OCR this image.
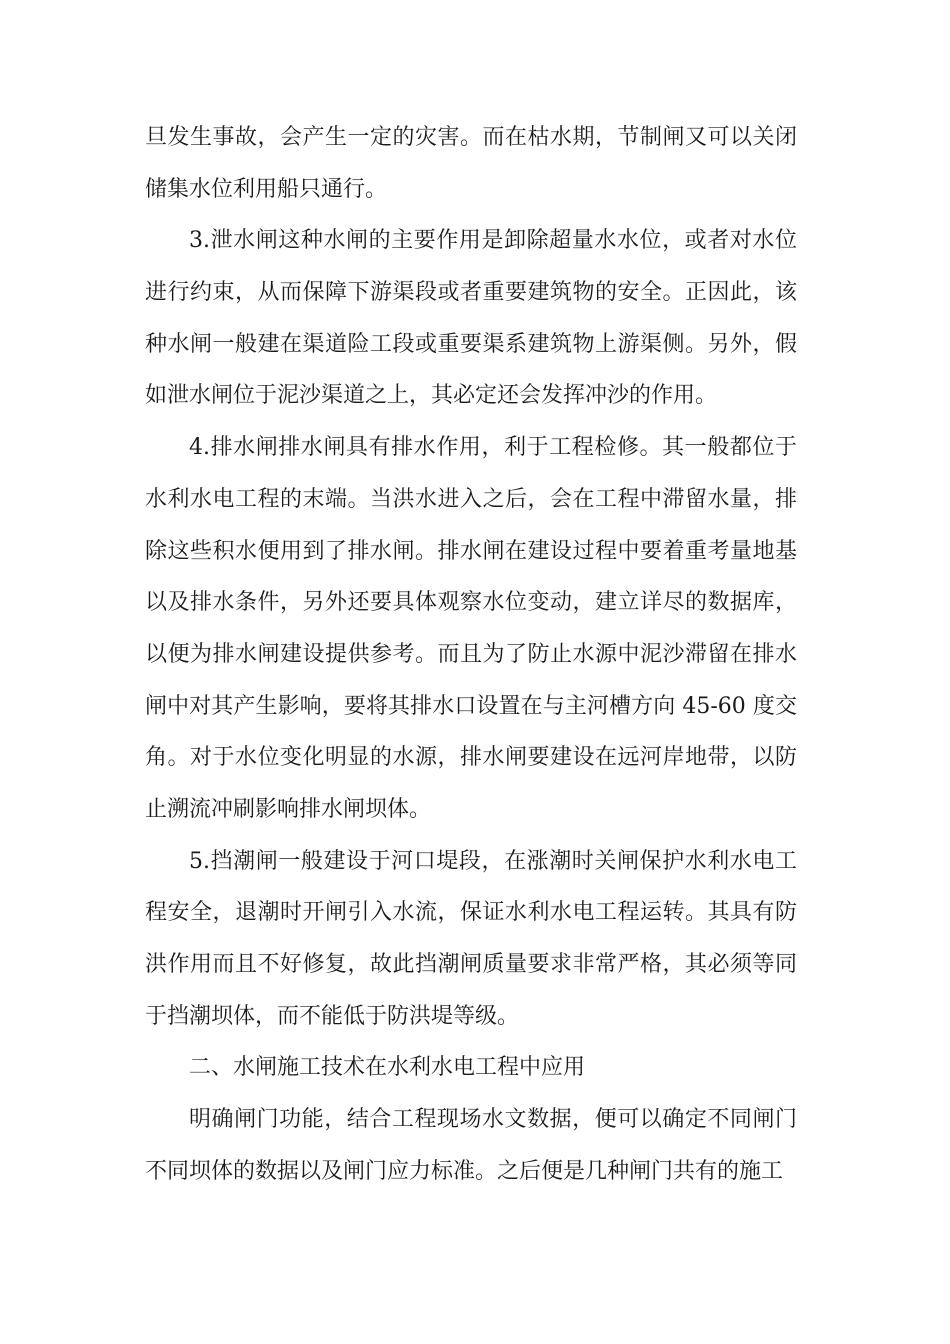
旦发生事故，会产生一定的灾害。而在枯水期，节制闸又可以关闭
储集水位利用船只通行。
3.泄水闸这种水闸的主要作用是卸除超量水水位，或者对水位
进行约束，从而保障下游渠段或者重要建筑物的安全。正因此，该
种水闸一般建在渠道险工段或重要渠系建筑物上游渠侧。另外，假
如泄水闸位于泥沙渠道之上，其必定还会发挥冲沙的作用。
4.排水闸排水闸具有排水作用，利于工程检修。其一般都位于
水利水电工程的末端。当洪水进入之后，会在工程中滞留水量，排
除这些积水便用到了排水闸。排水闸在建设过程中要着重考量地基
以及排水条件，另外还要具体观察水位变动，建立详尽的数据库，
以便为排水闸建设提供参考。而且为了防止水源中泥沙滞留在排水
闸中对其产生影响，要将其排水口设置在与主河槽方向 45-60 度交
角。对于水位变化明显的水源，排水闸要建设在远河岸地带，以防
止溯流冲刷影响排水闸坝体。
5.挡潮闸一般建设于河口堤段，在涨潮时关闸保护水利水电工
程安全，退潮时开闸引入水流，保证水利水电工程运转。其具有防
洪作用而且不好修复，故此挡潮闸质量要求非常严格，其必须等同
于挡潮坝体，而不能低于防洪堤等级。
二、水闸施工技术在水利水电工程中应用
明确闸门功能，结合工程现场水文数据，便可以确定不同闸门
不同坝体的数据以及闸门应力标准。之后便是几种闸门共有的施工
